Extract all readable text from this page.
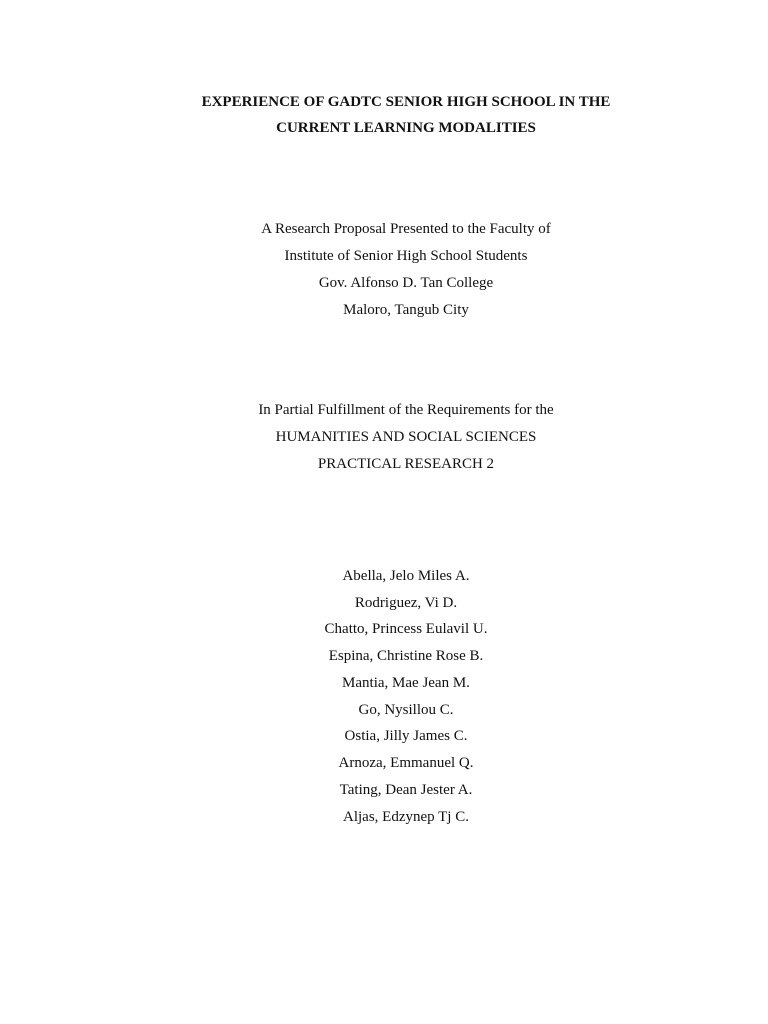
EXPERIENCE OF GADTC SENIOR HIGH SCHOOL IN THE
CURRENT LEARNING MODALITIES
A Research Proposal Presented to the Faculty of
Institute of Senior High School Students
Gov. Alfonso D. Tan College
Maloro, Tangub City
In Partial Fulfillment of the Requirements for the
HUMANITIES AND SOCIAL SCIENCES
PRACTICAL RESEARCH 2
Abella, Jelo Miles A.
Rodriguez, Vi D.
Chatto, Princess Eulavil U.
Espina, Christine Rose B.
Mantia, Mae Jean M.
Go, Nysillou C.
Ostia, Jilly James C.
Arnoza, Emmanuel Q.
Tating, Dean Jester A.
Aljas, Edzynep Tj C.
